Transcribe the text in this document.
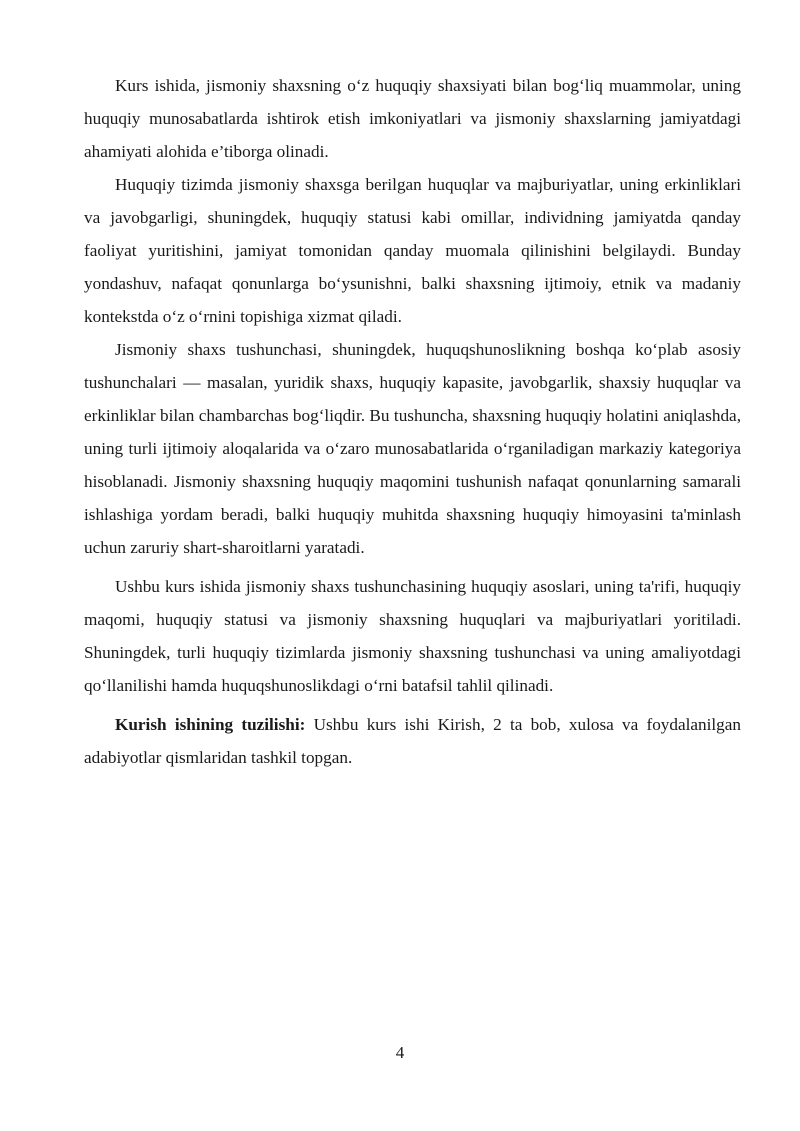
Kurs ishida, jismoniy shaxsning o‘z huquqiy shaxsiyati bilan bog‘liq muammolar, uning huquqiy munosabatlarda ishtirok etish imkoniyatlari va jismoniy shaxslarning jamiyatdagi ahamiyati alohida e’tiborga olinadi.

Huquqiy tizimda jismoniy shaxsga berilgan huquqlar va majburiyatlar, uning erkinliklari va javobgarligi, shuningdek, huquqiy statusi kabi omillar, individning jamiyatda qanday faoliyat yuritishini, jamiyat tomonidan qanday muomala qilinishini belgilaydi. Bunday yondashuv, nafaqat qonunlarga bo‘ysunishni, balki shaxsning ijtimoiy, etnik va madaniy kontekstda o‘z o‘rnini topishiga xizmat qiladi.

Jismoniy shaxs tushunchasi, shuningdek, huquqshunoslikning boshqa ko‘plab asosiy tushunchalari — masalan, yuridik shaxs, huquqiy kapasite, javobgarlik, shaxsiy huquqlar va erkinliklar bilan chambarchas bog‘liqdir. Bu tushuncha, shaxsning huquqiy holatini aniqlashda, uning turli ijtimoiy aloqalarida va o‘zaro munosabatlarida o‘rganiladigan markaziy kategoriya hisoblanadi. Jismoniy shaxsning huquqiy maqomini tushunish nafaqat qonunlarning samarali ishlashiga yordam beradi, balki huquqiy muhitda shaxsning huquqiy himoyasini ta'minlash uchun zaruriy shart-sharoitlarni yaratadi.

Ushbu kurs ishida jismoniy shaxs tushunchasining huquqiy asoslari, uning ta'rifi, huquqiy maqomi, huquqiy statusi va jismoniy shaxsning huquqlari va majburiyatlari yoritiladi. Shuningdek, turli huquqiy tizimlarda jismoniy shaxsning tushunchasi va uning amaliyotdagi qo‘llanilishi hamda huquqshunoslikdagi o‘rni batafsil tahlil qilinadi.

Kurish ishining tuzilishi: Ushbu kurs ishi Kirish, 2 ta bob, xulosa va foydalanilgan adabiyotlar qismlaridan tashkil topgan.

4
